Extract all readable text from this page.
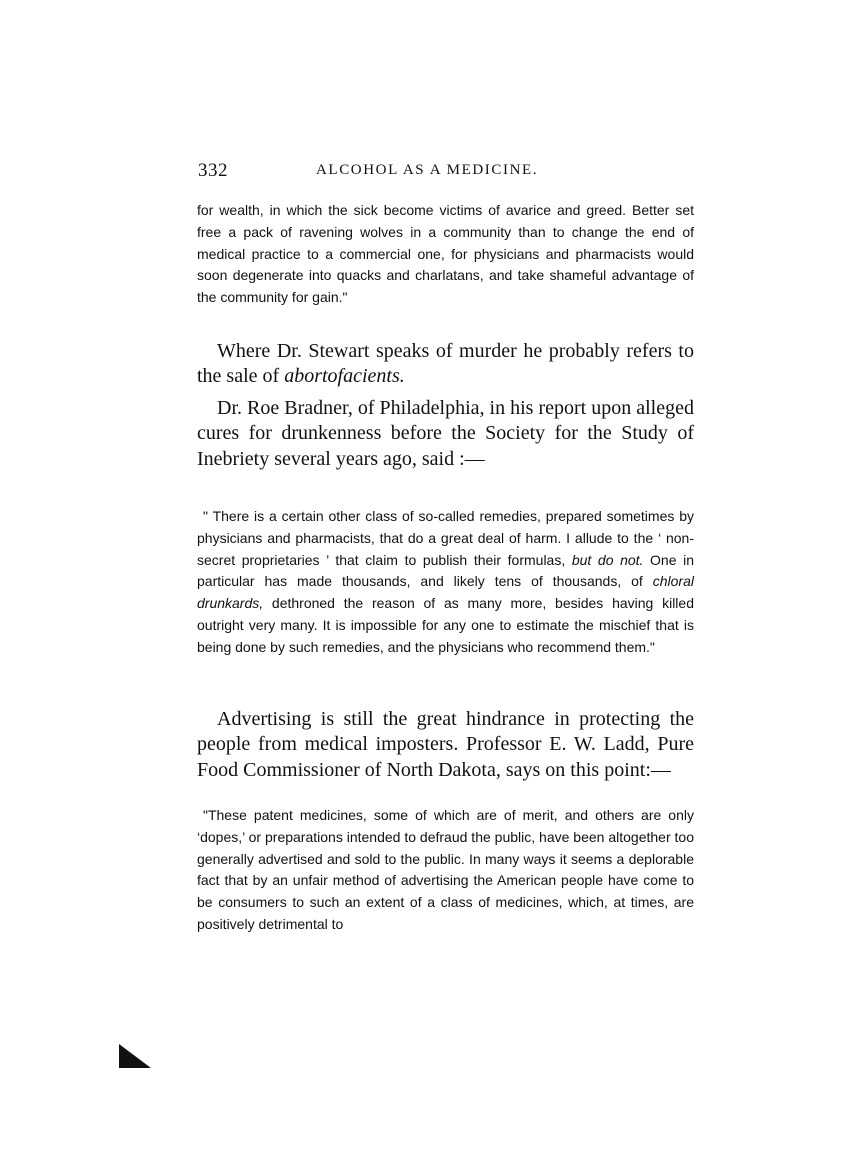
332	ALCOHOL AS A MEDICINE.

for wealth, in which the sick become victims of avarice and greed. Better set free a pack of ravening wolves in a community than to change the end of medical practice to a commercial one, for physicians and pharmacists would soon degenerate into quacks and charlatans, and take shameful advantage of the community for gain."

Where Dr. Stewart speaks of murder he probably refers to the sale of abortofacients.

Dr. Roe Bradner, of Philadelphia, in his report upon alleged cures for drunkenness before the Society for the Study of Inebriety several years ago, said :—

" There is a certain other class of so-called remedies, prepared sometimes by physicians and pharmacists, that do a great deal of harm. I allude to the ‘ non-secret proprietaries ’ that claim to publish their formulas, but do not. One in particular has made thousands, and likely tens of thousands, of chloral drunkards, dethroned the reason of as many more, besides having killed outright very many. It is impossible for any one to estimate the mischief that is being done by such remedies, and the physicians who recommend them."

Advertising is still the great hindrance in protecting the people from medical imposters. Professor E. W. Ladd, Pure Food Commissioner of North Dakota, says on this point:—

"These patent medicines, some of which are of merit, and others are only ‘dopes,’ or preparations intended to defraud the public, have been altogether too generally advertised and sold to the public. In many ways it seems a deplorable fact that by an unfair method of advertising the American people have come to be consumers to such an extent of a class of medicines, which, at times, are positively detrimental to
